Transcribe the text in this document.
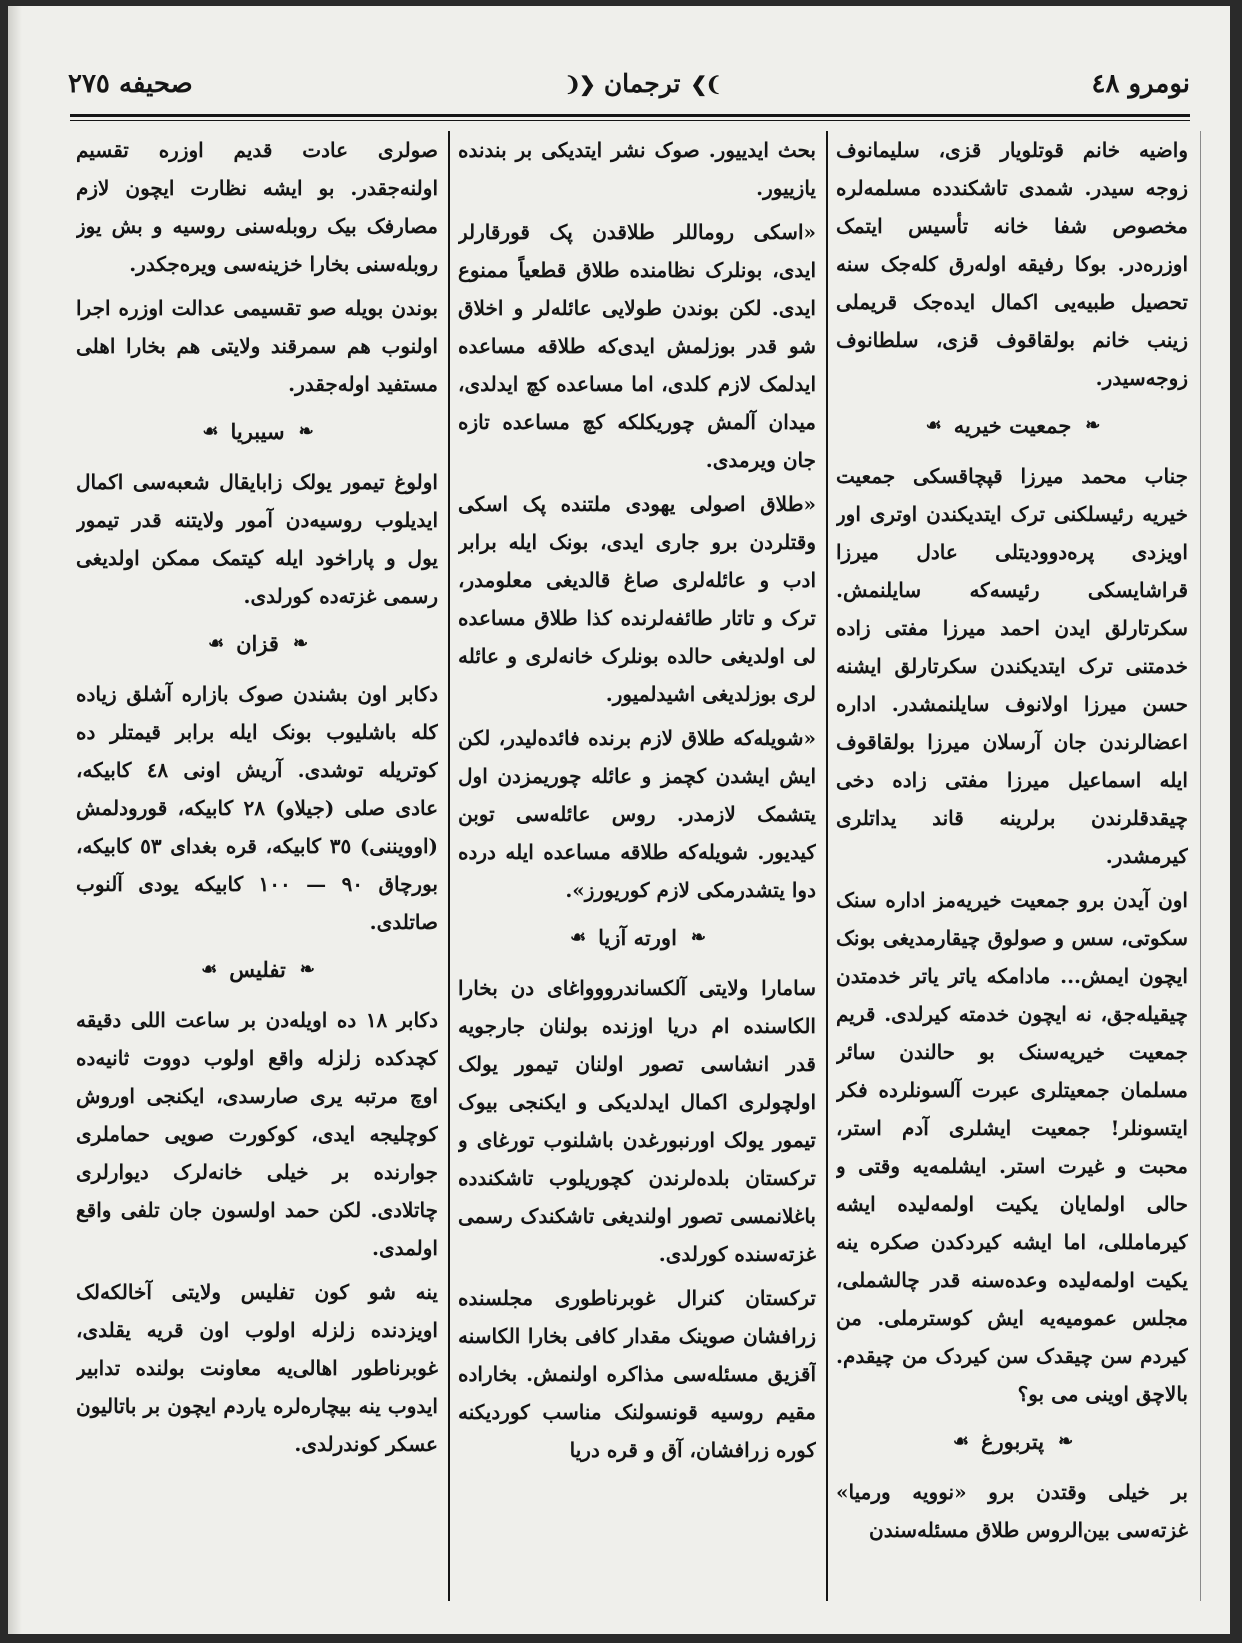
نومرو ٤٨
❩❯
ترجمان
❮❨
صحیفه ٢٧٥

واضیه خانم قوتلویار قزی، سلیمانوف زوجه سیدر. شمدی تاشکندده مسلمه‌لره مخصوص شفا خانه تأسیس ایتمک اوزره‌در. بوکا رفیقه اوله‌رق کله‌جک سنه تحصیل طبیه‌یی اکمال ایده‌جک قریملی زینب خانم بولقاقوف قزی، سلطانوف زوجه‌سیدر.

❧
جمعیت خیریه
☙

جناب محمد میرزا قپچاقسکی جمعیت خیریه رئیسلکنی ترک ایتدیکندن اوتری اور اویزدی پره‌دوودیتلی عادل میرزا قراشایسکی رئیسه‌که سایلنمش. سکرتارلق ایدن احمد میرزا مفتی زاده خدمتنی ترک ایتدیکندن سکرتارلق ایشنه حسن میرزا اولانوف سایلنمشدر. اداره اعضالرندن جان آرسلان میرزا بولقاقوف ایله اسماعیل میرزا مفتی زاده دخی چیقدقلرندن برلرینه قاند یداتلری کیرمشدر.

اون آیدن برو جمعیت خیریه‌مز اداره سنک سکوتی، سس و صولوق چیقارمدیغی بونک ایچون ایمش... مادامکه یاتر یاتر خدمتدن چیقیله‌جق، نه ایچون خدمته کیرلدی. قریم جمعیت خیریه‌سنک بو حالندن سائر مسلمان جمعیتلری عبرت آلسونلرده فکر ایتسونلر! جمعیت ایشلری آدم استر، محبت و غیرت استر. ایشلمه‌یه وقتی و حالی اولمایان یکیت اولمه‌لیده ایشه کیرمامللی، اما ایشه کیردکدن صکره ینه یکیت اولمه‌لیده وعده‌سنه قدر چالشملی، مجلس عمومیه‌یه ایش کوسترملی. من کیردم سن چیقدک سن کیردک من چیقدم. بالاچق اوینی می بو؟

❧
پتربورغ
☙

بر خیلی وقتدن برو «نوویه ورمیا» غزته‌سی بین‌الروس طلاق مسئله‌سندن

بحث ایدییور. صوک نشر ایتدیکی بر بندنده یازییور.

«اسکی روماللر طلاقدن پک قورقارلر ایدی، بونلرک نظامنده طلاق قطعیاً ممنوع ایدی. لکن بوندن طولایی عائله‌لر و اخلاق شو قدر بوزلمش ایدی‌که طلاقه مساعده ایدلمک لازم کلدی، اما مساعده کچ ایدلدی، میدان آلمش چوریکلکه کچ مساعده تازه جان ویرمدی.

«طلاق اصولی یهودی ملتنده پک اسکی وقتلردن برو جاری ایدی، بونک ایله برابر ادب و عائله‌لری صاغ قالدیغی معلومدر، ترک و تاتار طائفه‌لرنده کذا طلاق مساعده لی اولدیغی حالده بونلرک خانه‌لری و عائله لری بوزلدیغی اشیدلمیور.

«شویله‌که طلاق لازم برنده فائده‌لیدر، لکن ایش ایشدن کچمز و عائله چوریمزدن اول یتشمک لازمدر. روس عائله‌سی توبن کیدیور. شویله‌که طلاقه مساعده ایله درده دوا یتشدرمکی لازم کوریورز».

❧
اورته آزیا
☙

سامارا ولایتی آلکساندرووواغای دن بخارا الکاسنده ام دریا اوزنده بولنان جارجویه قدر انشاسی تصور اولنان تیمور یولک اولچولری اکمال ایدلدیکی و ایکنجی بیوک تیمور یولک اورنبورغدن باشلنوب تورغای و ترکستان بلده‌لرندن کچوریلوب تاشکندده باغلانمسی تصور اولندیغی تاشکندک رسمی غزته‌سنده کورلدی.

ترکستان کنرال غوبرناطوری مجلسنده زرافشان صوینک مقدار کافی بخارا الکاسنه آقزیق مسئله‌سی مذاکره اولنمش. بخاراده مقیم روسیه قونسولنک مناسب کوردیکنه کوره زرافشان، آق و قره دریا

صولری عادت قدیم اوزره تقسیم اولنه‌جقدر. بو ایشه نظارت ایچون لازم مصارفک بیک روبله‌سنی روسیه و بش یوز روبله‌سنی بخارا خزینه‌سی ویره‌جکدر.

بوندن بویله صو تقسیمی عدالت اوزره اجرا اولنوب هم سمرقند ولایتی هم بخارا اهلی مستفید اوله‌جقدر.

❧
سیبریا
☙

اولوغ تیمور یولک زابایقال شعبه‌سی اکمال ایدیلوب روسیه‌دن آمور ولایتنه قدر تیمور یول و پاراخود ایله کیتمک ممکن اولدیغی رسمی غزته‌ده کورلدی.

❧
قزان
☙

دکابر اون بشندن صوک بازاره آشلق زیاده کله باشلیوب بونک ایله برابر قیمتلر ده کوتریله توشدی. آریش اونی ٤٨ کابیکه، عادی صلی (جیلاو) ٢٨ کابیکه، قورودلمش (اوویننی) ٣٥ کابیکه، قره بغدای ٥٣ کابیکه، بورچاق ٩٠ — ١٠٠ کابیکه یودی آلنوب صاتلدی.

❧
تفلیس
☙

دکابر ١٨ ده اویله‌دن بر ساعت اللی دقیقه کچدکده زلزله واقع اولوب دووت ثانیه‌ده اوچ مرتبه یری صارسدی، ایکنجی اوروش کوچلیجه ایدی، کوکورت صویی حماملری جوارنده بر خیلی خانه‌لرک دیوارلری چاتلادی. لکن حمد اولسون جان تلفی واقع اولمدی.

ینه شو کون تفلیس ولایتی آخالکه‌لک اویزدنده زلزله اولوب اون قریه یقلدی، غوبرناطور اهالی‌یه معاونت بولنده تدابیر ایدوب ینه بیچاره‌لره یاردم ایچون بر باتالیون عسکر کوندرلدی.
